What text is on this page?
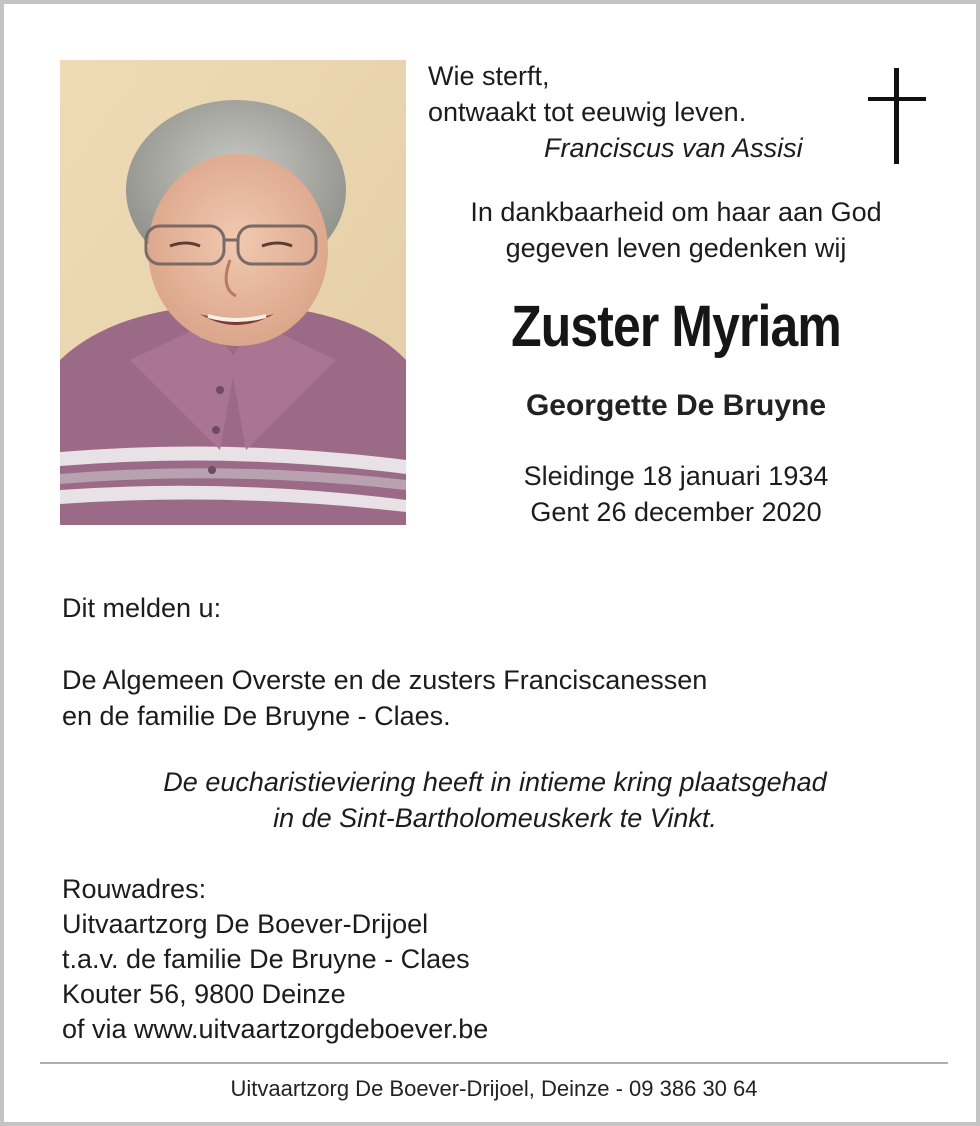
Wie sterft,
ontwaakt tot eeuwig leven.
Franciscus van Assisi
In dankbaarheid om haar aan God
gegeven leven gedenken wij
Zuster Myriam
Georgette De Bruyne
Sleidinge 18 januari 1934
Gent 26 december 2020
Dit melden u:
De Algemeen Overste en de zusters Franciscanessen
en de familie De Bruyne - Claes.
De eucharistieviering heeft in intieme kring plaatsgehad
in de Sint-Bartholomeuskerk te Vinkt.
Rouwadres:
Uitvaartzorg De Boever-Drijoel
t.a.v. de familie De Bruyne - Claes
Kouter 56, 9800 Deinze
of via www.uitvaartzorgdeboever.be
Uitvaartzorg De Boever-Drijoel, Deinze - 09 386 30 64
